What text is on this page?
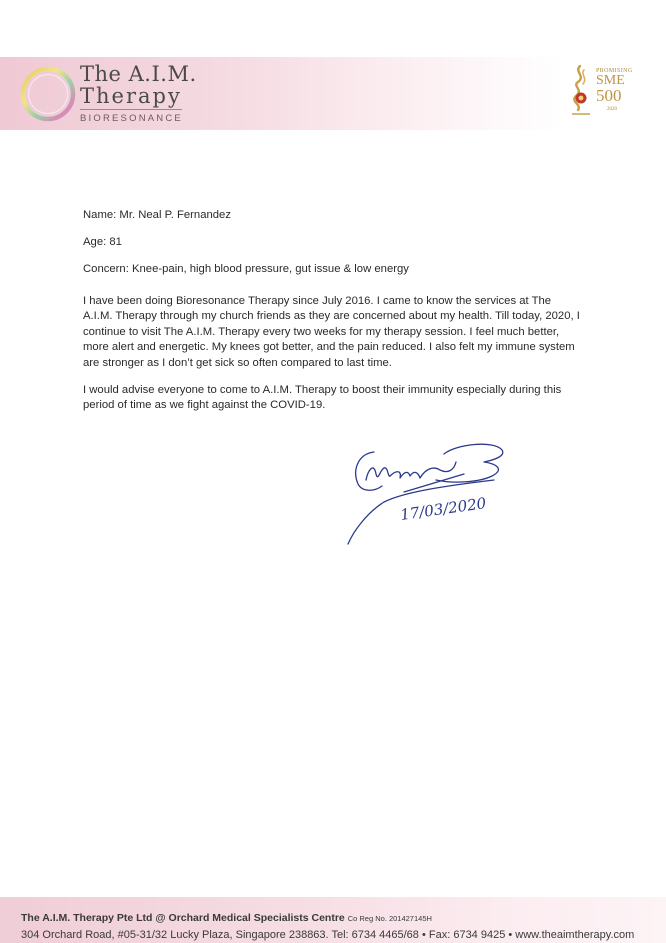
The A.I.M.
Therapy
BIORESONANCE
PROMISING
SME
500
2020
Name: Mr. Neal P. Fernandez
Age: 81
Concern: Knee-pain, high blood pressure, gut issue & low energy

I have been doing Bioresonance Therapy since July 2016. I came to know the services at The A.I.M. Therapy through my church friends as they are concerned about my health. Till today, 2020, I continue to visit The A.I.M. Therapy every two weeks for my therapy session. I feel much better, more alert and energetic. My knees got better, and the pain reduced. I also felt my immune system are stronger as I don’t get sick so often compared to last time.

I would advise everyone to come to A.I.M. Therapy to boost their immunity especially during this period of time as we fight against the COVID-19.

17/03/2020
The A.I.M. Therapy Pte Ltd @ Orchard Medical Specialists Centre Co Reg No. 201427145H
304 Orchard Road, #05-31/32 Lucky Plaza, Singapore 238863. Tel: 6734 4465/68 • Fax: 6734 9425 • www.theaimtherapy.com
